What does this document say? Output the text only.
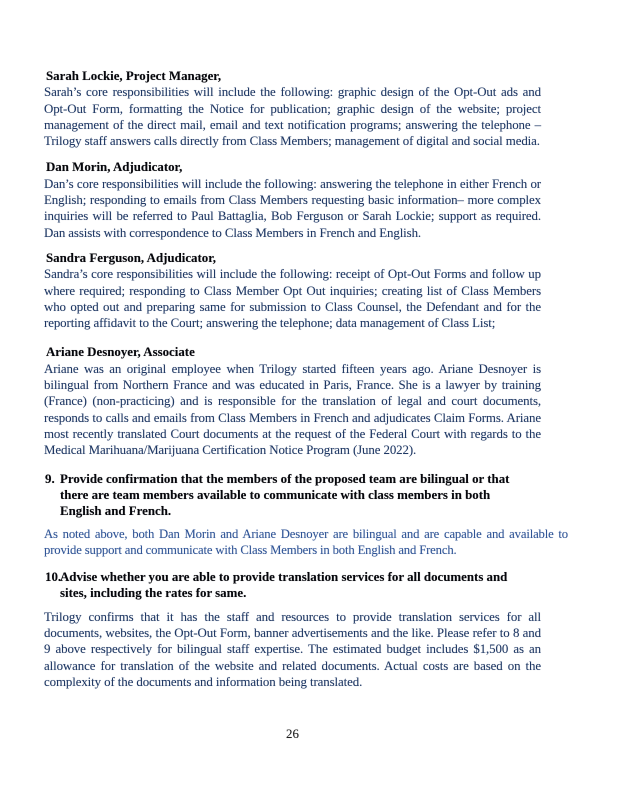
Sarah Lockie, Project Manager,

Sarah’s core responsibilities will include the following: graphic design of the Opt-Out ads and Opt-Out Form, formatting the Notice for publication; graphic design of the website; project management of the direct mail, email and text notification programs; answering the telephone – Trilogy staff answers calls directly from Class Members; management of digital and social media.

Dan Morin, Adjudicator,

Dan’s core responsibilities will include the following: answering the telephone in either French or English; responding to emails from Class Members requesting basic information– more complex inquiries will be referred to Paul Battaglia, Bob Ferguson or Sarah Lockie; support as required. Dan assists with correspondence to Class Members in French and English.

Sandra Ferguson, Adjudicator,

Sandra’s core responsibilities will include the following: receipt of Opt-Out Forms and follow up where required; responding to Class Member Opt Out inquiries; creating list of Class Members who opted out and preparing same for submission to Class Counsel, the Defendant and for the reporting affidavit to the Court; answering the telephone; data management of Class List;

Ariane Desnoyer, Associate

Ariane was an original employee when Trilogy started fifteen years ago. Ariane Desnoyer is bilingual from Northern France and was educated in Paris, France. She is a lawyer by training (France) (non-practicing) and is responsible for the translation of legal and court documents, responds to calls and emails from Class Members in French and adjudicates Claim Forms. Ariane most recently translated Court documents at the request of the Federal Court with regards to the Medical Marihuana/Marijuana Certification Notice Program (June 2022).

9. Provide confirmation that the members of the proposed team are bilingual or that there are team members available to communicate with class members in both English and French.

As noted above, both Dan Morin and Ariane Desnoyer are bilingual and are capable and available to provide support and communicate with Class Members in both English and French.

10.
Advise whether you are able to provide translation services for all documents and sites, including the rates for same.

Trilogy confirms that it has the staff and resources to provide translation services for all documents, websites, the Opt-Out Form, banner advertisements and the like. Please refer to 8 and 9 above respectively for bilingual staff expertise. The estimated budget includes $1,500 as an allowance for translation of the website and related documents. Actual costs are based on the complexity of the documents and information being translated.

26
